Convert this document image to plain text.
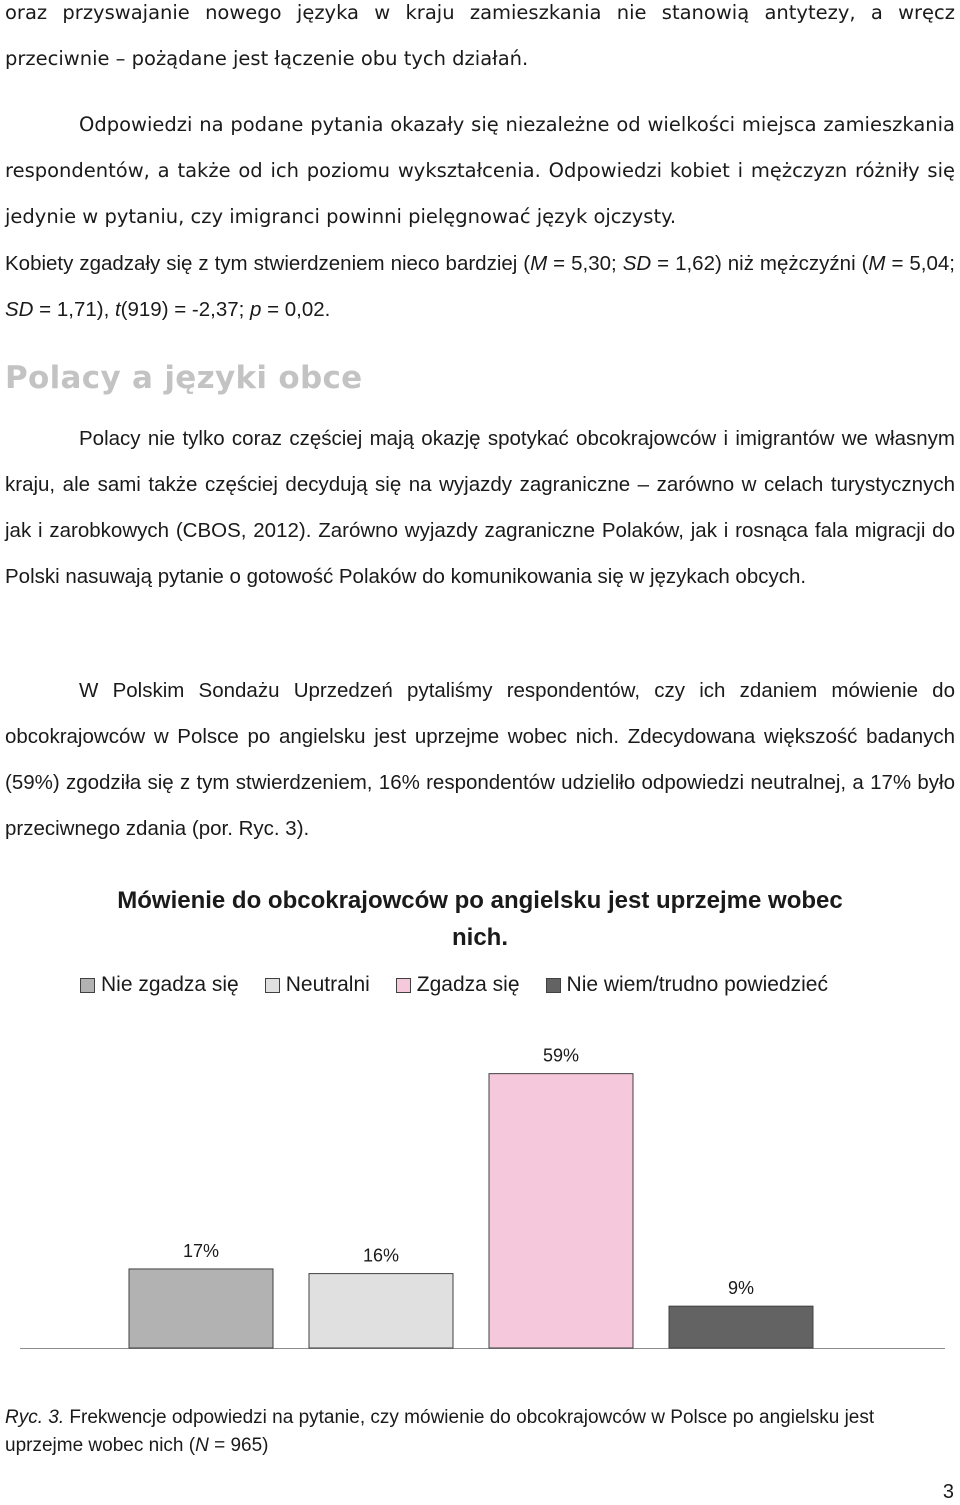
oraz przyswajanie nowego języka w kraju zamieszkania nie stanowią antytezy, a wręcz przeciwnie – pożądane jest łączenie obu tych działań.

Odpowiedzi na podane pytania okazały się niezależne od wielkości miejsca zamieszkania respondentów, a także od ich poziomu wykształcenia. Odpowiedzi kobiet i mężczyzn różniły się jedynie w pytaniu, czy imigranci powinni pielęgnować język ojczysty.

Kobiety zgadzały się z tym stwierdzeniem nieco bardziej (M = 5,30; SD = 1,62) niż mężczyźni (M = 5,04; SD = 1,71), t(919) = -2,37; p = 0,02.

Polacy a języki obce

Polacy nie tylko coraz częściej mają okazję spotykać obcokrajowców i imigrantów we własnym kraju, ale sami także częściej decydują się na wyjazdy zagraniczne – zarówno w celach turystycznych jak i zarobkowych (CBOS, 2012). Zarówno wyjazdy zagraniczne Polaków, jak i rosnąca fala migracji do Polski nasuwają pytanie o gotowość Polaków do komunikowania się w językach obcych.

W Polskim Sondażu Uprzedzeń pytaliśmy respondentów, czy ich zdaniem mówienie do obcokrajowców w Polsce po angielsku jest uprzejme wobec nich. Zdecydowana większość badanych (59%) zgodziła się z tym stwierdzeniem, 16% respondentów udzieliło odpowiedzi neutralnej, a 17% było przeciwnego zdania (por. Ryc. 3).

Mówienie do obcokrajowców po angielsku jest uprzejme wobec nich.
Nie zgadza się Neutralni Zgadza się Nie wiem/trudno powiedzieć
17%	16%
59%
9%

Ryc. 3. Frekwencje odpowiedzi na pytanie, czy mówienie do obcokrajowców w Polsce po angielsku jest uprzejme wobec nich (N = 965)

3
